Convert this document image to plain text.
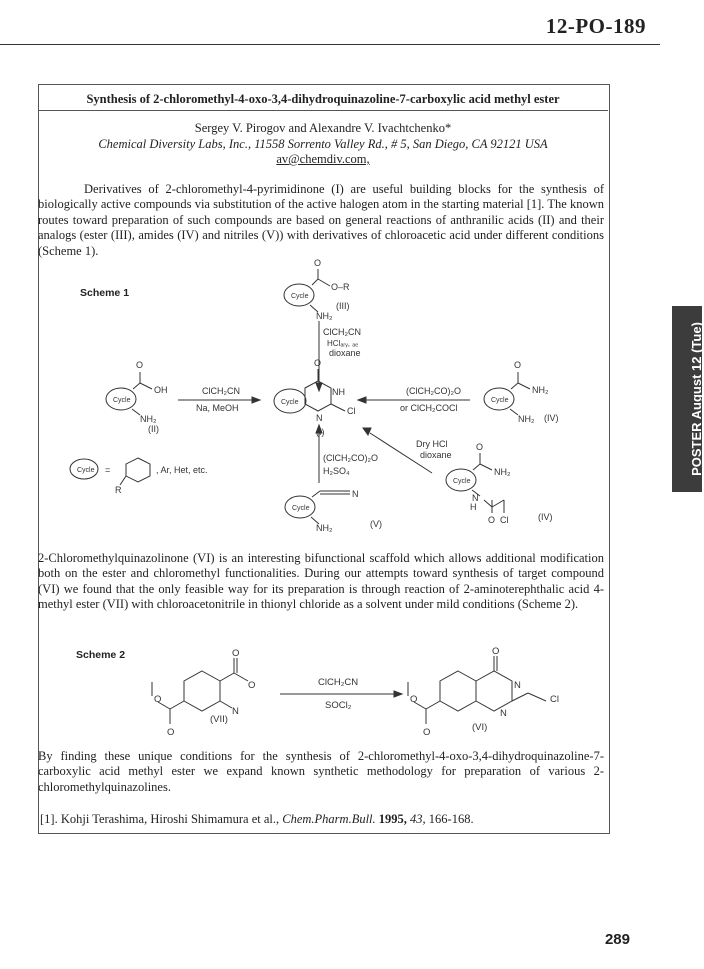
12-PO-189
Synthesis of 2-chloromethyl-4-oxo-3,4-dihydroquinazoline-7-carboxylic acid methyl ester
Sergey V. Pirogov and Alexandre V. Ivachtchenko*
Chemical Diversity Labs, Inc., 11558 Sorrento Valley Rd., # 5, San Diego, CA 92121 USA
av@chemdiv.com,

Derivatives of 2-chloromethyl-4-pyrimidinone (I) are useful building blocks for the synthesis of biologically active compounds via substitution of the active halogen atom in the starting material [1]. The known routes toward preparation of such compounds are based on general reactions of anthranilic acids (II) and their analogs (ester (III), amides (IV) and nitriles (V)) with derivatives of chloroacetic acid under different conditions (Scheme 1).

Scheme 1	Cycle
Cycle
Cycle	Cycle
Cycle
Cycle
Cycle
O
O–R
NH₂
(III)
ClCH₂CN
HClₐᵣᵧ, ₐₑ
dioxane
O
NH
N
Cl
(I)
O
OH
NH₂
(II)
ClCH₂CN
Na, MeOH
(ClCH₂CO)₂O
or ClCH₂COCl
O
NH₂
NH₂ (IV)
Dry HCl
dioxane
O
NH₂
N
H
O Cl	(IV)
(ClCH₂CO)₂O
H₂SO₄
N
NH₂	(V)
=
R
, Ar, Het, etc.

2-Chloromethylquinazolinone (VI) is an interesting bifunctional scaffold which allows additional modification both on the ester and chloromethyl functionalities. During our attempts toward synthesis of target compound (VI) we found that the only feasible way for its preparation is through reaction of 2-aminoterephthalic acid 4-methyl ester (VII) with chloroacetonitrile in thionyl chloride as a solvent under mild conditions (Scheme 2).

Scheme 2	O
O
N
O
O
(VII)
ClCH₂CN
SOCl₂
O
N
N
Cl
O
O	(VI)

By finding these unique conditions for the synthesis of 2-chloromethyl-4-oxo-3,4-dihydroquinazoline-7-carboxylic acid methyl ester we expand known synthetic methodology for preparation of various 2-chloromethylquinazolines.

[1]. Kohji Terashima, Hiroshi Shimamura et al., Chem.Pharm.Bull. 1995, 43, 166-168.
POSTER August 12 (Tue)
289
